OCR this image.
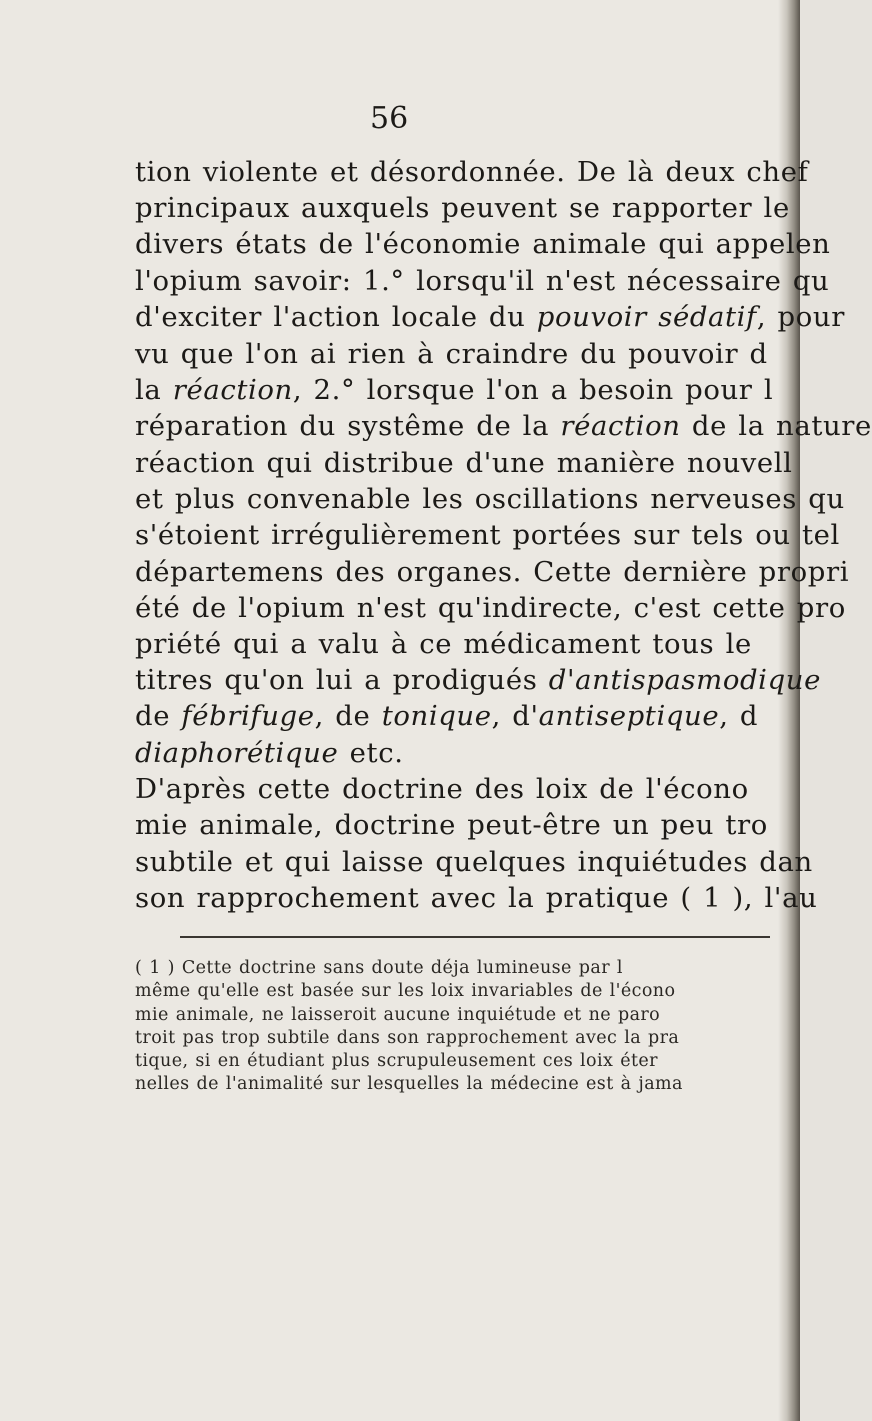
56
tion violente et désordonnée. De là deux chef
principaux auxquels peuvent se rapporter le
divers états de l'économie animale qui appelen
l'opium savoir: 1.° lorsqu'il n'est nécessaire qu
d'exciter l'action locale du pouvoir sédatif, pour
vu que l'on ai rien à craindre du pouvoir d
la réaction, 2.° lorsque l'on a besoin pour l
réparation du systême de la réaction de la nature
réaction qui distribue d'une manière nouvell
et plus convenable les oscillations nerveuses qu
s'étoient irrégulièrement portées sur tels ou tel
départemens des organes. Cette dernière propri
été de l'opium n'est qu'indirecte, c'est cette pro
priété qui a valu à ce médicament tous le
titres qu'on lui a prodigués d'antispasmodique
de fébrifuge, de tonique, d'antiseptique, d
diaphorétique etc.
D'après cette doctrine des loix de l'écono
mie animale, doctrine peut-être un peu tro
subtile et qui laisse quelques inquiétudes dan
son rapprochement avec la pratique ( 1 ), l'au
( 1 ) Cette doctrine sans doute déja lumineuse par l
même qu'elle est basée sur les loix invariables de l'écono
mie animale, ne laisseroit aucune inquiétude et ne paro
troit pas trop subtile dans son rapprochement avec la pra
tique, si en étudiant plus scrupuleusement ces loix éter
nelles de l'animalité sur lesquelles la médecine est à jama
